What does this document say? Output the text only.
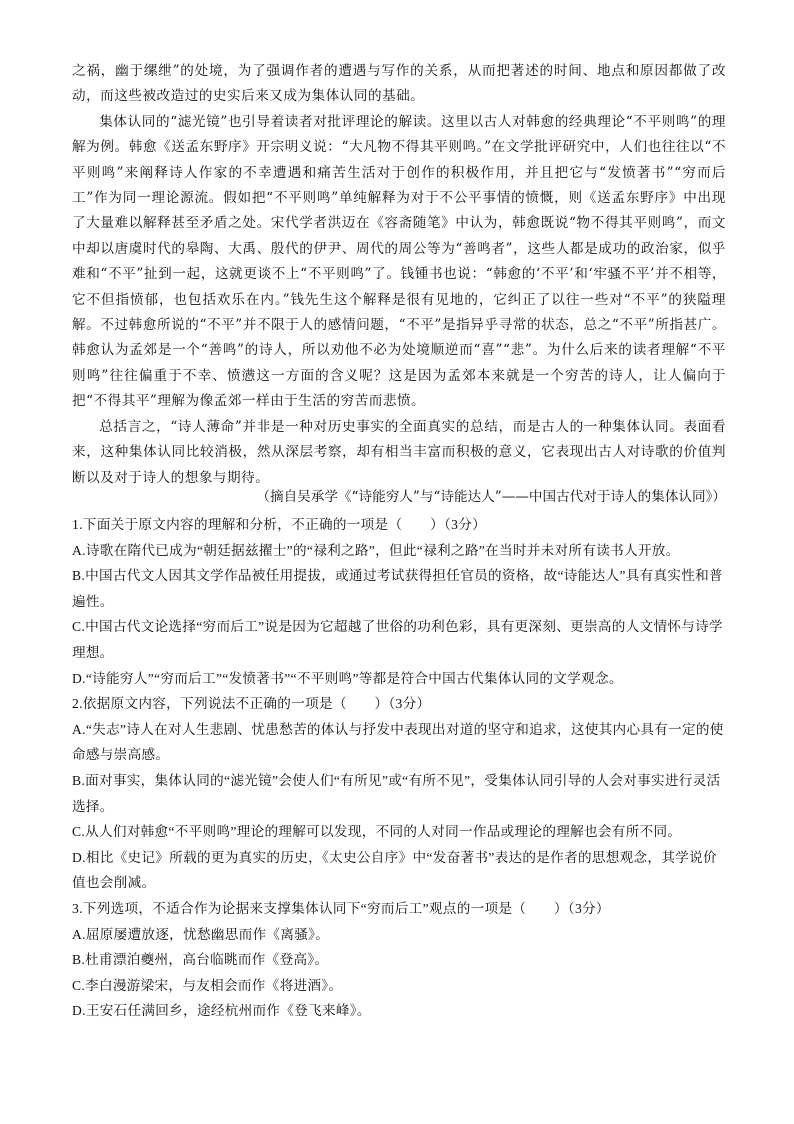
之祸，幽于缧绁”的处境，为了强调作者的遭遇与写作的关系，从而把著述的时间、地点和原因都做了改动，而这些被改造过的史实后来又成为集体认同的基础。

集体认同的“滤光镜”也引导着读者对批评理论的解读。这里以古人对韩愈的经典理论“不平则鸣”的理解为例。韩愈《送孟东野序》开宗明义说：“大凡物不得其平则鸣。”在文学批评研究中，人们也往往以“不平则鸣”来阐释诗人作家的不幸遭遇和痛苦生活对于创作的积极作用，并且把它与“发愤著书”“穷而后工”作为同一理论源流。假如把“不平则鸣”单纯解释为对于不公平事情的愤慨，则《送孟东野序》中出现了大量难以解释甚至矛盾之处。宋代学者洪迈在《容斋随笔》中认为，韩愈既说“物不得其平则鸣”，而文中却以唐虞时代的皋陶、大禹、殷代的伊尹、周代的周公等为“善鸣者”，这些人都是成功的政治家，似乎难和“不平”扯到一起，这就更谈不上“不平则鸣”了。钱锺书也说：“韩愈的‘不平’和‘牢骚不平’并不相等，它不但指愤郁，也包括欢乐在内。”钱先生这个解释是很有见地的，它纠正了以往一些对“不平”的狭隘理解。不过韩愈所说的“不平”并不限于人的感情问题，“不平”是指异乎寻常的状态，总之“不平”所指甚广。韩愈认为孟郊是一个“善鸣”的诗人，所以劝他不必为处境顺逆而“喜”“悲”。为什么后来的读者理解“不平则鸣”往往偏重于不幸、愤懑这一方面的含义呢？这是因为孟郊本来就是一个穷苦的诗人，让人偏向于把“不得其平”理解为像孟郊一样由于生活的穷苦而悲愤。

总括言之，“诗人薄命”并非是一种对历史事实的全面真实的总结，而是古人的一种集体认同。表面看来，这种集体认同比较消极，然从深层考察，却有相当丰富而积极的意义，它表现出古人对诗歌的价值判断以及对于诗人的想象与期待。

（摘自吴承学《“诗能穷人”与“诗能达人”——中国古代对于诗人的集体认同》）

1.下面关于原文内容的理解和分析，不正确的一项是（　　）（3分）

A.诗歌在隋代已成为“朝廷据兹擢士”的“禄利之路”，但此“禄利之路”在当时并未对所有读书人开放。

B.中国古代文人因其文学作品被任用提拔，或通过考试获得担任官员的资格，故“诗能达人”具有真实性和普遍性。

C.中国古代文论选择“穷而后工”说是因为它超越了世俗的功利色彩，具有更深刻、更崇高的人文情怀与诗学理想。

D.“诗能穷人”“穷而后工”“发愤著书”“不平则鸣”等都是符合中国古代集体认同的文学观念。

2.依据原文内容，下列说法不正确的一项是（　　）（3分）

A.“失志”诗人在对人生悲剧、忧患愁苦的体认与抒发中表现出对道的坚守和追求，这使其内心具有一定的使命感与崇高感。

B.面对事实，集体认同的“滤光镜”会使人们“有所见”或“有所不见”，受集体认同引导的人会对事实进行灵活选择。

C.从人们对韩愈“不平则鸣”理论的理解可以发现，不同的人对同一作品或理论的理解也会有所不同。

D.相比《史记》所载的更为真实的历史，《太史公自序》中“发奋著书”表达的是作者的思想观念，其学说价值也会削减。

3.下列选项，不适合作为论据来支撑集体认同下“穷而后工”观点的一项是（　　）（3分）

A.屈原屡遭放逐，忧愁幽思而作《离骚》。

B.杜甫漂泊夔州，高台临眺而作《登高》。

C.李白漫游梁宋，与友相会而作《将进酒》。

D.王安石任满回乡，途经杭州而作《登飞来峰》。
